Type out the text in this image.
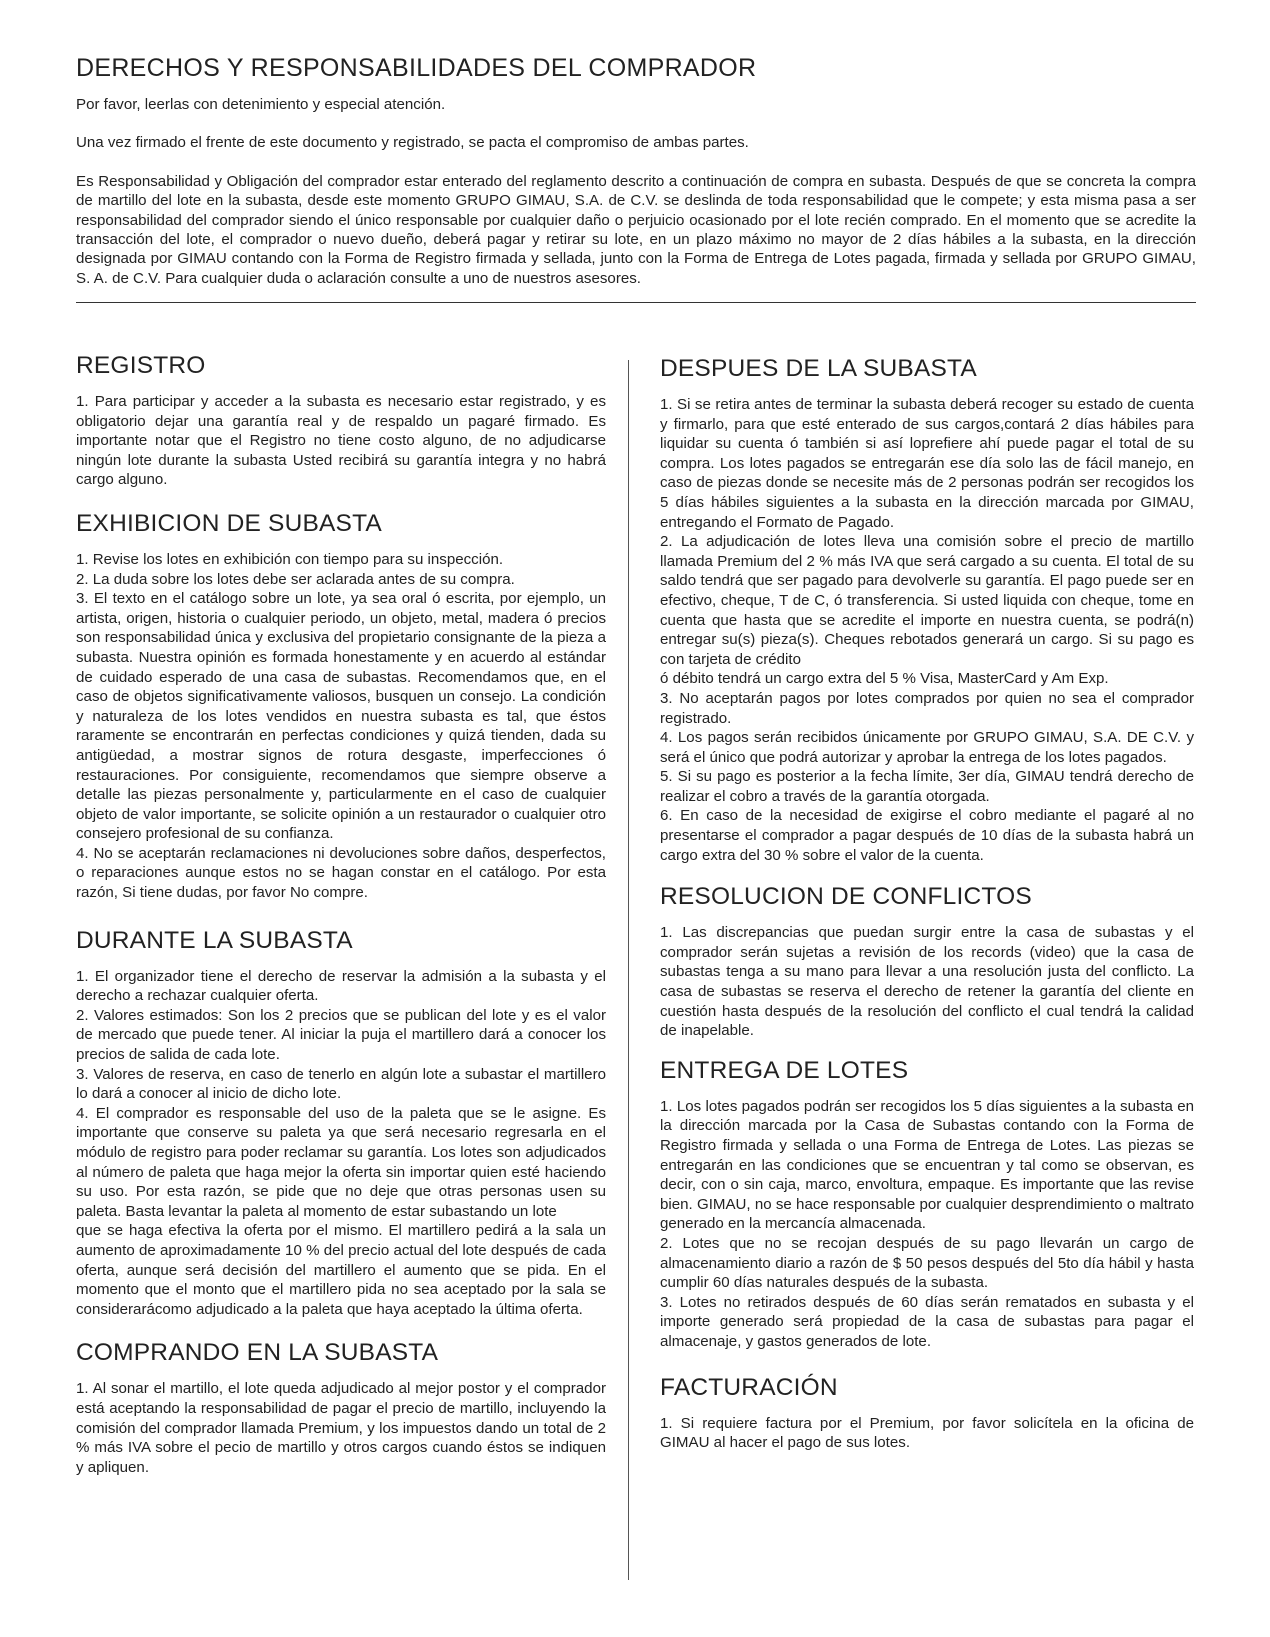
DERECHOS Y RESPONSABILIDADES DEL COMPRADOR

Por favor, leerlas con detenimiento y especial atención.

Una vez firmado el frente de este documento y registrado, se pacta el compromiso de ambas partes.

Es Responsabilidad y Obligación del comprador estar enterado del reglamento descrito a continuación de compra en subasta. Después de que se concreta la compra de martillo del lote en la subasta, desde este momento GRUPO GIMAU, S.A. de C.V. se deslinda de toda responsabilidad que le compete; y esta misma pasa a ser responsabilidad del comprador siendo el único responsable por cualquier daño o perjuicio ocasionado por el lote recién comprado. En el momento que se acredite la transacción del lote, el comprador o nuevo dueño, deberá pagar y retirar su lote, en un plazo máximo no mayor de 2 días hábiles a la subasta, en la dirección designada por GIMAU contando con la Forma de Registro firmada y sellada, junto con la Forma de Entrega de Lotes pagada, firmada y sellada por GRUPO GIMAU, S. A. de C.V. Para cualquier duda o aclaración consulte a uno de nuestros asesores.

REGISTRO

1. Para participar y acceder a la subasta es necesario estar registrado, y es obligatorio dejar una garantía real y de respaldo un pagaré firmado. Es importante notar que el Registro no tiene costo alguno, de no adjudicarse ningún lote durante la subasta Usted recibirá su garantía integra y no habrá cargo alguno.

EXHIBICION DE SUBASTA

1. Revise los lotes en exhibición con tiempo para su inspección.

2. La duda sobre los lotes debe ser aclarada antes de su compra.

3. El texto en el catálogo sobre un lote, ya sea oral ó escrita, por ejemplo, un artista, origen, historia o cualquier periodo, un objeto, metal, madera ó precios son responsabilidad única y exclusiva del propietario consignante de la pieza a subasta. Nuestra opinión es formada honestamente y en acuerdo al estándar de cuidado esperado de una casa de subastas. Recomendamos que, en el caso de objetos significativamente valiosos, busquen un consejo. La condición y naturaleza de los lotes vendidos en nuestra subasta es tal, que éstos raramente se encontrarán en perfectas condiciones y quizá tienden, dada su antigüedad, a mostrar signos de rotura desgaste, imperfecciones ó restauraciones. Por consiguiente, recomendamos que siempre observe a detalle las piezas personalmente y, particularmente en el caso de cualquier objeto de valor importante, se solicite opinión a un restaurador o cualquier otro consejero profesional de su confianza.

4. No se aceptarán reclamaciones ni devoluciones sobre daños, desperfectos, o reparaciones aunque estos no se hagan constar en el catálogo. Por esta razón, Si tiene dudas, por favor No compre.

DURANTE LA SUBASTA

1. El organizador tiene el derecho de reservar la admisión a la subasta y el derecho a rechazar cualquier oferta.

2. Valores estimados: Son los 2 precios que se publican del lote y es el valor de mercado que puede tener. Al iniciar la puja el martillero dará a conocer los precios de salida de cada lote.

3. Valores de reserva, en caso de tenerlo en algún lote a subastar el martillero lo dará a conocer al inicio de dicho lote.

4. El comprador es responsable del uso de la paleta que se le asigne. Es importante que conserve su paleta ya que será necesario regresarla en el módulo de registro para poder reclamar su garantía. Los lotes son adjudicados al número de paleta que haga mejor la oferta sin importar quien esté haciendo su uso. Por esta razón, se pide que no deje que otras personas usen su paleta. Basta levantar la paleta al momento de estar subastando un lote

que se haga efectiva la oferta por el mismo. El martillero pedirá a la sala un aumento de aproximadamente 10 % del precio actual del lote después de cada oferta, aunque será decisión del martillero el aumento que se pida. En el momento que el monto que el martillero pida no sea aceptado por la sala se considerarácomo adjudicado a la paleta que haya aceptado la última oferta.

COMPRANDO EN LA SUBASTA

1. Al sonar el martillo, el lote queda adjudicado al mejor postor y el comprador está aceptando la responsabilidad de pagar el precio de martillo, incluyendo la comisión del comprador llamada Premium, y los impuestos dando un total de 2 % más IVA sobre el pecio de martillo y otros cargos cuando éstos se indiquen y apliquen.

DESPUES DE LA SUBASTA

1. Si se retira antes de terminar la subasta deberá recoger su estado de cuenta y firmarlo, para que esté enterado de sus cargos,contará 2 días hábiles para liquidar su cuenta ó también si así loprefiere ahí puede pagar el total de su compra. Los lotes pagados se entregarán ese día solo las de fácil manejo, en caso de piezas donde se necesite más de 2 personas podrán ser recogidos los 5 días hábiles siguientes a la subasta en la dirección marcada por GIMAU, entregando el Formato de Pagado.

2. La adjudicación de lotes lleva una comisión sobre el precio de martillo llamada Premium del 2 % más IVA que será cargado a su cuenta. El total de su saldo tendrá que ser pagado para devolverle su garantía. El pago puede ser en efectivo, cheque, T de C, ó transferencia. Si usted liquida con cheque, tome en cuenta que hasta que se acredite el importe en nuestra cuenta, se podrá(n) entregar su(s) pieza(s). Cheques rebotados generará un cargo. Si su pago es con tarjeta de crédito

ó débito tendrá un cargo extra del 5 % Visa, MasterCard y Am Exp.

3. No aceptarán pagos por lotes comprados por quien no sea el comprador registrado.

4. Los pagos serán recibidos únicamente por GRUPO GIMAU, S.A. DE C.V. y será el único que podrá autorizar y aprobar la entrega de los lotes pagados.

5. Si su pago es posterior a la fecha límite, 3er día, GIMAU tendrá derecho de realizar el cobro a través de la garantía otorgada.

6. En caso de la necesidad de exigirse el cobro mediante el pagaré al no presentarse el comprador a pagar después de 10 días de la subasta habrá un cargo extra del 30 % sobre el valor de la cuenta.

RESOLUCION DE CONFLICTOS

1. Las discrepancias que puedan surgir entre la casa de subastas y el comprador serán sujetas a revisión de los records (video) que la casa de subastas tenga a su mano para llevar a una resolución justa del conflicto. La casa de subastas se reserva el derecho de retener la garantía del cliente en cuestión hasta después de la resolución del conflicto el cual tendrá la calidad de inapelable.

ENTREGA DE LOTES

1. Los lotes pagados podrán ser recogidos los 5 días siguientes a la subasta en la dirección marcada por la Casa de Subastas contando con la Forma de Registro firmada y sellada o una Forma de Entrega de Lotes. Las piezas se entregarán en las condiciones que se encuentran y tal como se observan, es decir, con o sin caja, marco, envoltura, empaque. Es importante que las revise bien. GIMAU, no se hace responsable por cualquier desprendimiento o maltrato generado en la mercancía almacenada.

2. Lotes que no se recojan después de su pago llevarán un cargo de almacenamiento diario a razón de $ 50 pesos después del 5to día hábil y hasta cumplir 60 días naturales después de la subasta.

3. Lotes no retirados después de 60 días serán rematados en subasta y el importe generado será propiedad de la casa de subastas para pagar el almacenaje, y gastos generados de lote.

FACTURACIÓN

1. Si requiere factura por el Premium, por favor solicítela en la oficina de GIMAU al hacer el pago de sus lotes.
